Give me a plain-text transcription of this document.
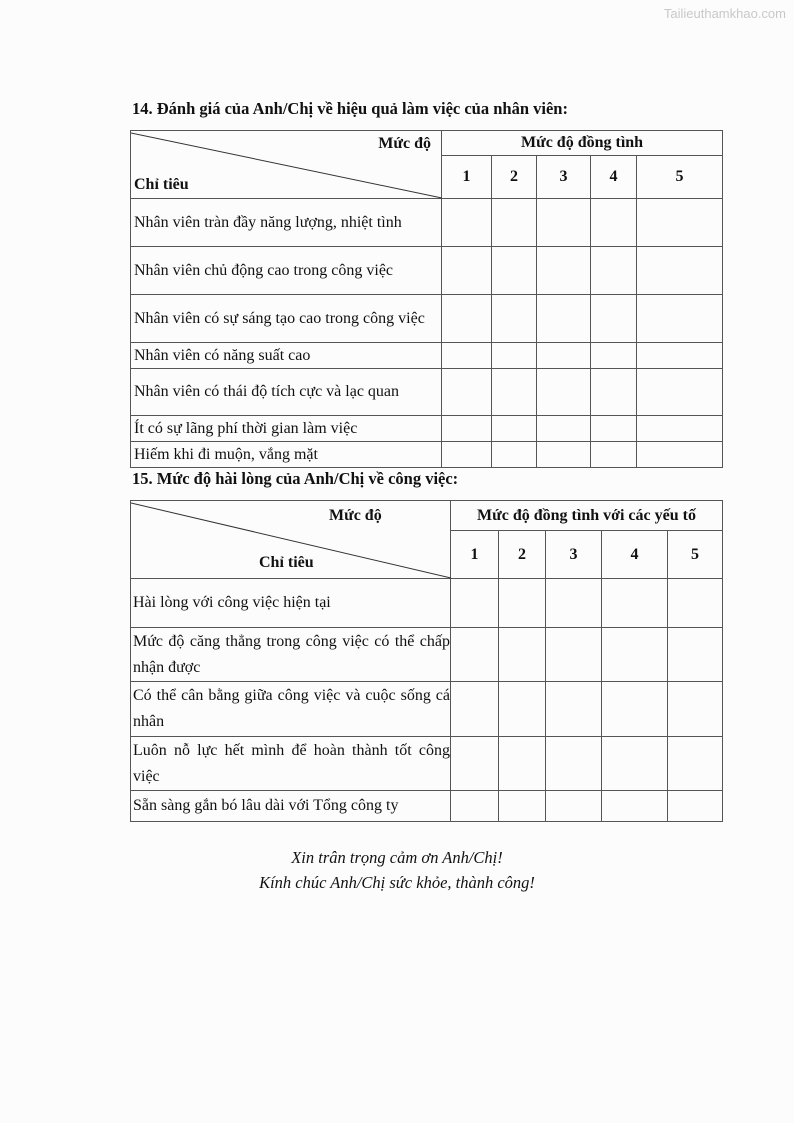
Tailieuthamkhao.com
14. Đánh giá của Anh/Chị về hiệu quả làm việc của nhân viên:
Mức độ
Chỉ tiêu	Mức độ đồng tình				
	1	2	3	4	5
Nhân viên tràn đầy năng lượng, nhiệt tình					
Nhân viên chủ động cao trong công việc					
Nhân viên có sự sáng tạo cao trong công việc					
Nhân viên có năng suất cao					
Nhân viên có thái độ tích cực và lạc quan					
Ít có sự lãng phí thời gian làm việc					
Hiếm khi đi muộn, vắng mặt					
15. Mức độ hài lòng của Anh/Chị về công việc:
Mức độ
Chỉ tiêu	Mức độ đồng tình với các yếu tố				
	1	2	3	4	5
Hài lòng với công việc hiện tại					
Mức độ căng thẳng trong công việc có thể chấp nhận được					
Có thể cân bằng giữa công việc và cuộc sống cá nhân					
Luôn nỗ lực hết mình để hoàn thành tốt công việc					
Sẵn sàng gắn bó lâu dài với Tổng công ty					
Xin trân trọng cảm ơn Anh/Chị!
Kính chúc Anh/Chị sức khỏe, thành công!
